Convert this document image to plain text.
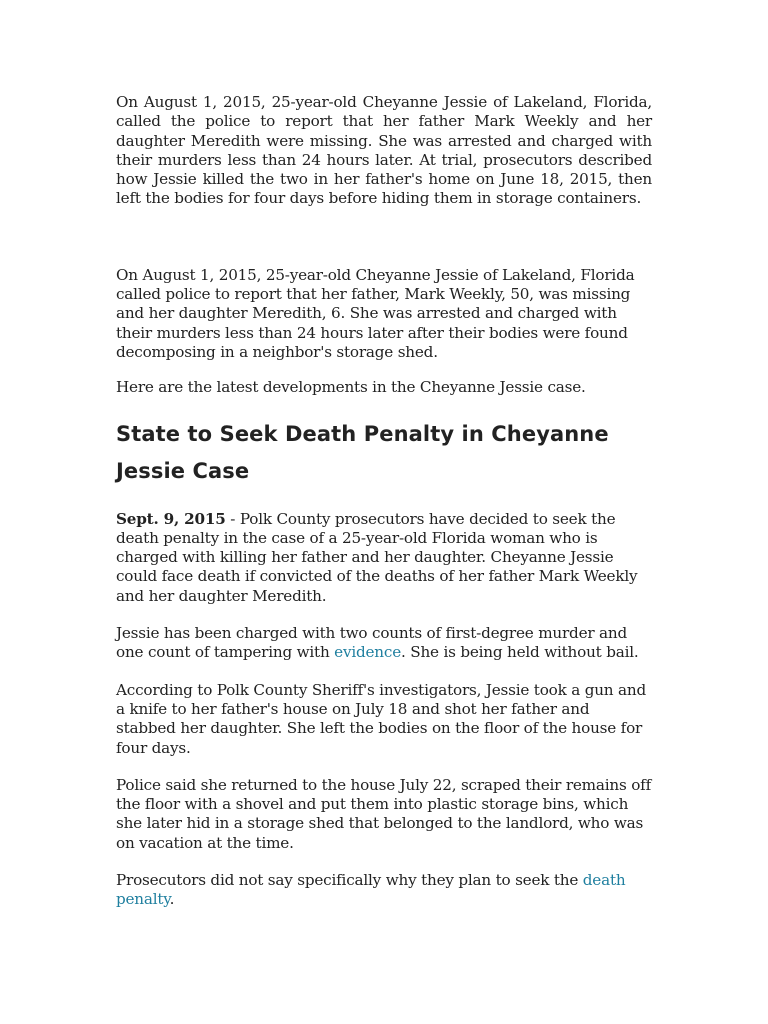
On August 1, 2015, 25-year-old Cheyanne Jessie of Lakeland, Florida, called the police to report that her father Mark Weekly and her daughter Meredith were missing. She was arrested and charged with their murders less than 24 hours later. At trial, prosecutors described how Jessie killed the two in her father's home on June 18, 2015, then left the bodies for four days before hiding them in storage containers.

On August 1, 2015, 25-year-old Cheyanne Jessie of Lakeland, Florida called police to report that her father, Mark Weekly, 50, was missing and her daughter Meredith, 6. She was arrested and charged with their murders less than 24 hours later after their bodies were found decomposing in a neighbor's storage shed.

Here are the latest developments in the Cheyanne Jessie case.

State to Seek Death Penalty in Cheyanne Jessie Case

Sept. 9, 2015 - Polk County prosecutors have decided to seek the death penalty in the case of a 25-year-old Florida woman who is charged with killing her father and her daughter. Cheyanne Jessie could face death if convicted of the deaths of her father Mark Weekly and her daughter Meredith.

Jessie has been charged with two counts of first-degree murder and one count of tampering with evidence. She is being held without bail.

According to Polk County Sheriff's investigators, Jessie took a gun and a knife to her father's house on July 18 and shot her father and stabbed her daughter. She left the bodies on the floor of the house for four days.

Police said she returned to the house July 22, scraped their remains off the floor with a shovel and put them into plastic storage bins, which she later hid in a storage shed that belonged to the landlord, who was on vacation at the time.

Prosecutors did not say specifically why they plan to seek the death penalty.
